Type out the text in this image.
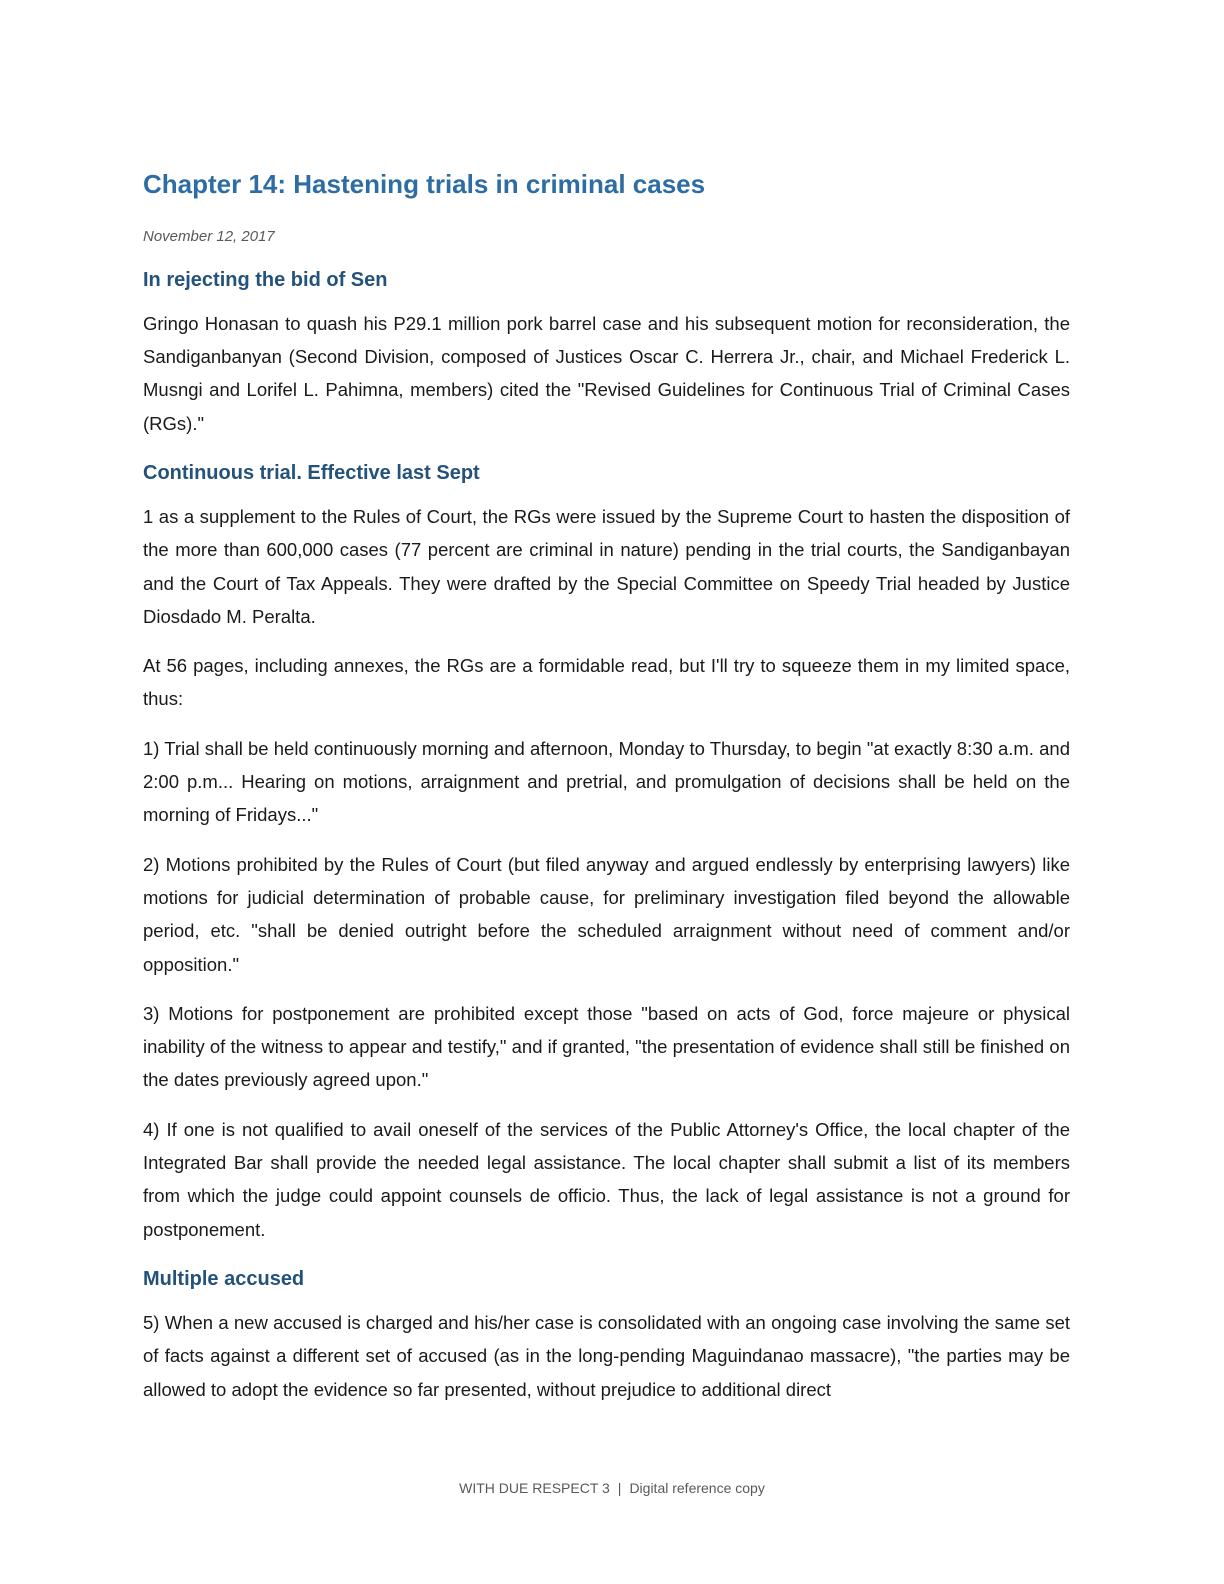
Chapter 14: Hastening trials in criminal cases
November 12, 2017
In rejecting the bid of Sen

Gringo Honasan to quash his P29.1 million pork barrel case and his subsequent motion for reconsideration, the Sandiganbanyan (Second Division, composed of Justices Oscar C. Herrera Jr., chair, and Michael Frederick L. Musngi and Lorifel L. Pahimna, members) cited the "Revised Guidelines for Continuous Trial of Criminal Cases (RGs)."

Continuous trial. Effective last Sept

1 as a supplement to the Rules of Court, the RGs were issued by the Supreme Court to hasten the disposition of the more than 600,000 cases (77 percent are criminal in nature) pending in the trial courts, the Sandiganbayan and the Court of Tax Appeals. They were drafted by the Special Committee on Speedy Trial headed by Justice Diosdado M. Peralta.

At 56 pages, including annexes, the RGs are a formidable read, but I'll try to squeeze them in my limited space, thus:

1) Trial shall be held continuously morning and afternoon, Monday to Thursday, to begin "at exactly 8:30 a.m. and 2:00 p.m... Hearing on motions, arraignment and pretrial, and promulgation of decisions shall be held on the morning of Fridays..."

2) Motions prohibited by the Rules of Court (but filed anyway and argued endlessly by enterprising lawyers) like motions for judicial determination of probable cause, for preliminary investigation filed beyond the allowable period, etc. "shall be denied outright before the scheduled arraignment without need of comment and/or opposition."

3) Motions for postponement are prohibited except those "based on acts of God, force majeure or physical inability of the witness to appear and testify," and if granted, "the presentation of evidence shall still be finished on the dates previously agreed upon."

4) If one is not qualified to avail oneself of the services of the Public Attorney's Office, the local chapter of the Integrated Bar shall provide the needed legal assistance. The local chapter shall submit a list of its members from which the judge could appoint counsels de officio. Thus, the lack of legal assistance is not a ground for postponement.

Multiple accused

5) When a new accused is charged and his/her case is consolidated with an ongoing case involving the same set of facts against a different set of accused (as in the long-pending Maguindanao massacre), "the parties may be allowed to adopt the evidence so far presented, without prejudice to additional direct

WITH DUE RESPECT 3 | Digital reference copy
